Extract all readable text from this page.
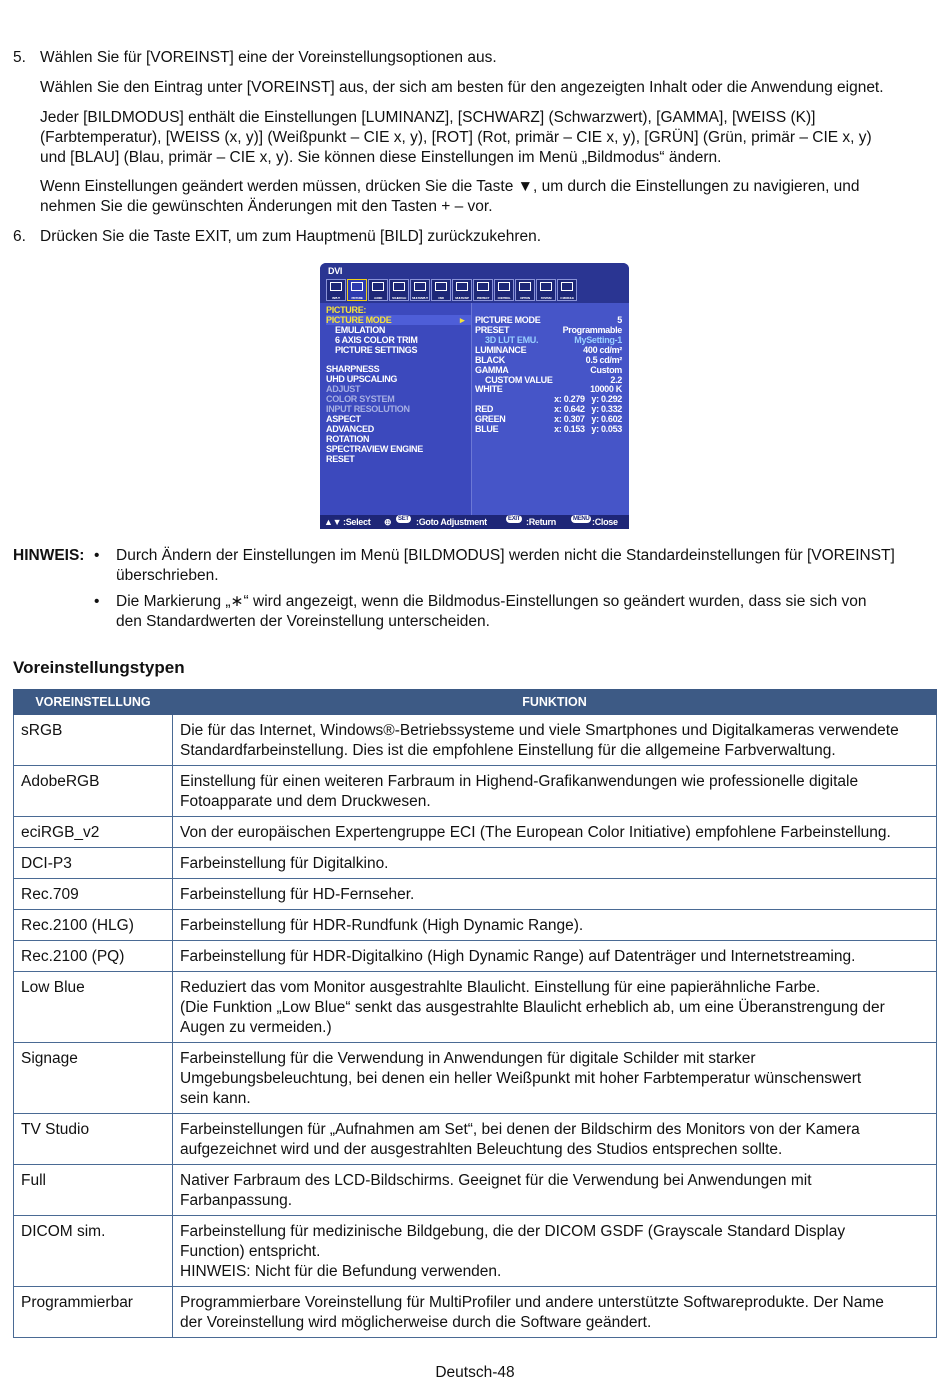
5. Wählen Sie für [VOREINST] eine der Voreinstellungsoptionen aus.
Wählen Sie den Eintrag unter [VOREINST] aus, der sich am besten für den angezeigten Inhalt oder die Anwendung eignet.
Jeder [BILDMODUS] enthält die Einstellungen [LUMINANZ], [SCHWARZ] (Schwarzwert), [GAMMA], [WEISS (K)]
(Farbtemperatur), [WEISS (x, y)] (Weißpunkt – CIE x, y), [ROT] (Rot, primär – CIE x, y), [GRÜN] (Grün, primär – CIE x, y)
und [BLAU] (Blau, primär – CIE x, y). Sie können diese Einstellungen im Menü „Bildmodus“ ändern.
Wenn Einstellungen geändert werden müssen, drücken Sie die Taste ▼, um durch die Einstellungen zu navigieren, und
nehmen Sie die gewünschten Änderungen mit den Tasten + – vor.
6. Drücken Sie die Taste EXIT, um zum Hauptmenü [BILD] zurückzukehren.
DVI
INPUT	PICTURE	AUDIO	SCHEDULE	MULTI-INPUT	OSD	MULTI-DSP	PROTECT	CONTROL	OPTION	SYSTEM	C MODULE
PICTURE:
PICTURE MODE	▸
EMULATION
6 AXIS COLOR TRIM
PICTURE SETTINGS
SHARPNESS
UHD UPSCALING
ADJUST
COLOR SYSTEM
INPUT RESOLUTION
ASPECT
ADVANCED
ROTATION
SPECTRAVIEW ENGINE
RESET
PICTURE MODE	5
PRESET	Programmable
3D LUT EMU.	MySetting-1
LUMINANCE	400 cd/m²
BLACK	0.5 cd/m²
GAMMA	Custom
CUSTOM VALUE	2.2
WHITE	10000 K
x: 0.279   y: 0.292
RED	x: 0.642   y: 0.332
GREEN	x: 0.307   y: 0.602
BLUE	x: 0.153   y: 0.053
▲▼ :Select ⊕	SET :Goto Adjustment	EXIT :Return	MENU :Close
HINWEIS: • Durch Ändern der Einstellungen im Menü [BILDMODUS] werden nicht die Standardeinstellungen für [VOREINST]
überschrieben.
• Die Markierung „∗“ wird angezeigt, wenn die Bildmodus-Einstellungen so geändert wurden, dass sie sich von
den Standardwerten der Voreinstellung unterscheiden.
Voreinstellungstypen
VOREINSTELLUNG	FUNKTION
sRGB	Die für das Internet, Windows®-Betriebssysteme und viele Smartphones und Digitalkameras verwendete
Standardfarbeinstellung. Dies ist die empfohlene Einstellung für die allgemeine Farbverwaltung.

AdobeRGB	Einstellung für einen weiteren Farbraum in Highend-Grafikanwendungen wie professionelle digitale
Fotoapparate und dem Druckwesen.

eciRGB_v2	Von der europäischen Expertengruppe ECI (The European Color Initiative) empfohlene Farbeinstellung.

DCI-P3	Farbeinstellung für Digitalkino.

Rec.709	Farbeinstellung für HD-Fernseher.

Rec.2100 (HLG)	Farbeinstellung für HDR-Rundfunk (High Dynamic Range).

Rec.2100 (PQ)	Farbeinstellung für HDR-Digitalkino (High Dynamic Range) auf Datenträger und Internetstreaming.

Low Blue	Reduziert das vom Monitor ausgestrahlte Blaulicht. Einstellung für eine papierähnliche Farbe.
(Die Funktion „Low Blue“ senkt das ausgestrahlte Blaulicht erheblich ab, um eine Überanstrengung der
Augen zu vermeiden.)

Signage	Farbeinstellung für die Verwendung in Anwendungen für digitale Schilder mit starker
Umgebungsbeleuchtung, bei denen ein heller Weißpunkt mit hoher Farbtemperatur wünschenswert
sein kann.

TV Studio	Farbeinstellungen für „Aufnahmen am Set“, bei denen der Bildschirm des Monitors von der Kamera
aufgezeichnet wird und der ausgestrahlten Beleuchtung des Studios entsprechen sollte.

Full	Nativer Farbraum des LCD-Bildschirms. Geeignet für die Verwendung bei Anwendungen mit
Farbanpassung.

DICOM sim.	Farbeinstellung für medizinische Bildgebung, die der DICOM GSDF (Grayscale Standard Display
Function) entspricht.
HINWEIS: Nicht für die Befundung verwenden.

Programmierbar	Programmierbare Voreinstellung für MultiProfiler und andere unterstützte Softwareprodukte. Der Name
der Voreinstellung wird möglicherweise durch die Software geändert.
Deutsch-48
